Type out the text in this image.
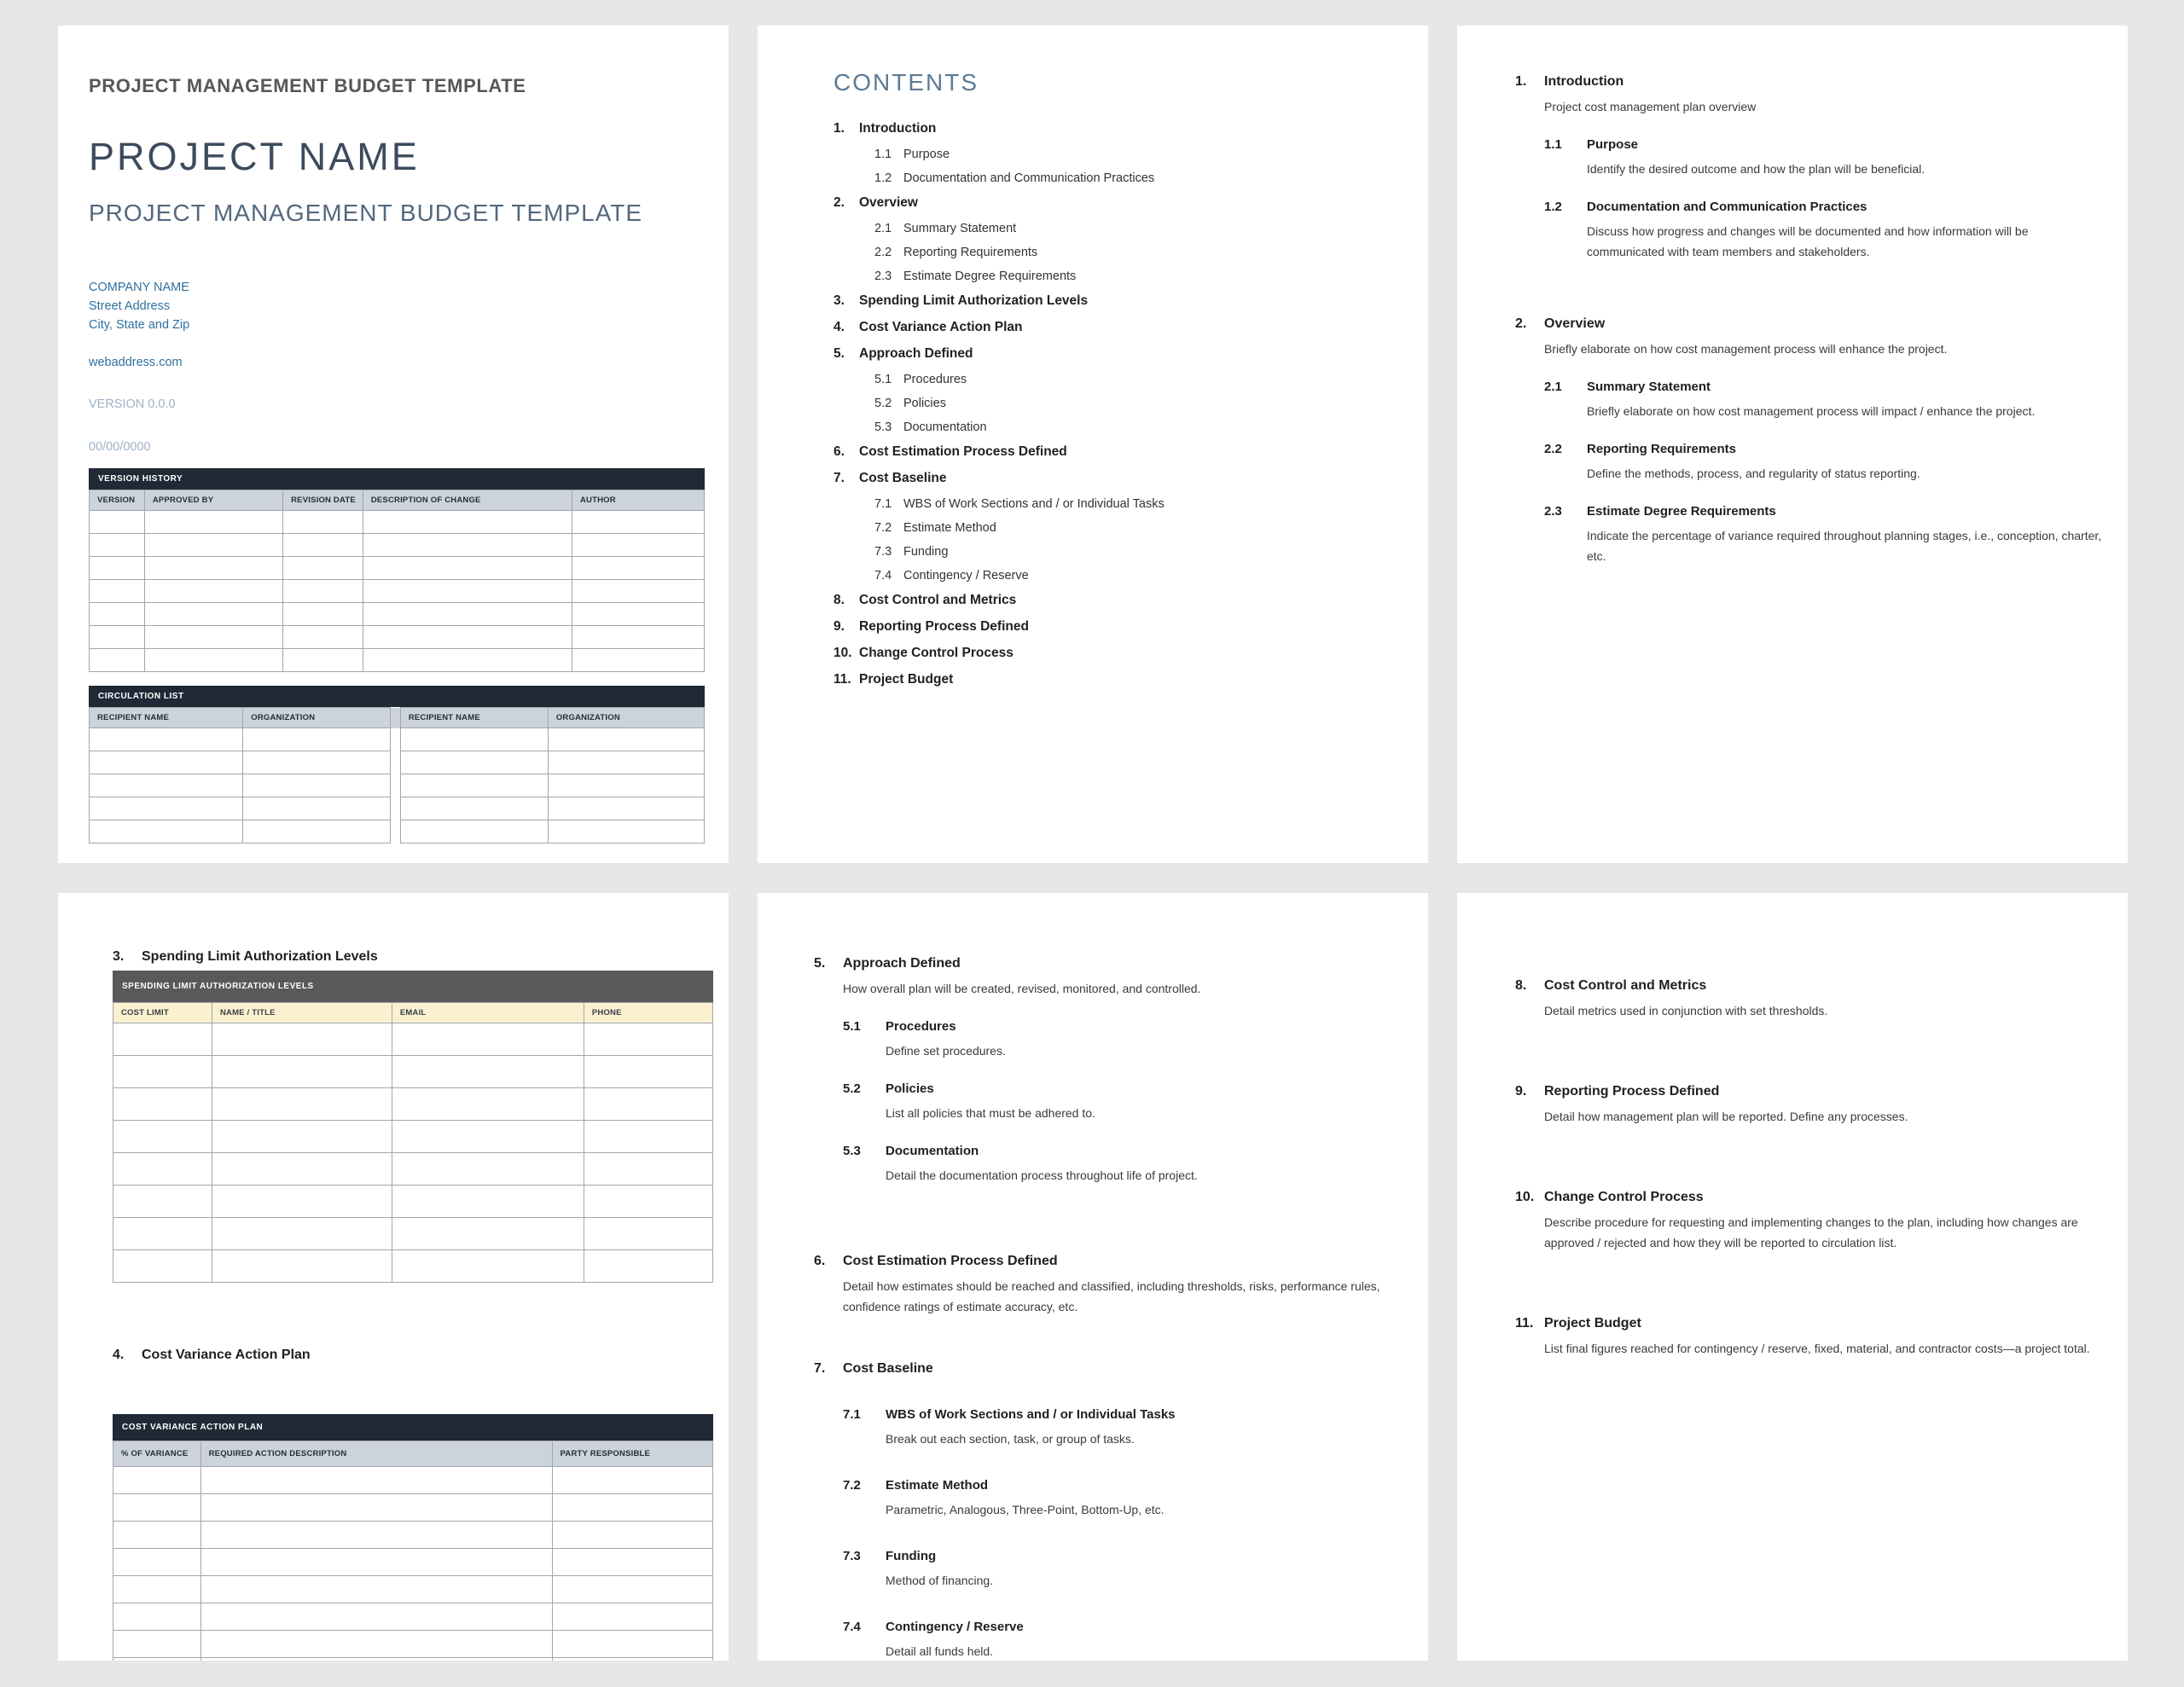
PROJECT MANAGEMENT BUDGET TEMPLATE
PROJECT NAME
PROJECT MANAGEMENT BUDGET TEMPLATE
COMPANY NAME
Street Address
City, State and Zip
webaddress.com
VERSION 0.0.0
00/00/0000
VERSION HISTORY
VERSION	APPROVED BY	REVISION DATE	DESCRIPTION OF CHANGE	AUTHOR

CIRCULATION LIST
RECIPIENT NAME	ORGANIZATION		RECIPIENT NAME	ORGANIZATION

CONTENTS
1.	Introduction
1.1 Purpose
1.2 Documentation and Communication Practices
2.	Overview
2.1 Summary Statement
2.2 Reporting Requirements
2.3 Estimate Degree Requirements
3.	Spending Limit Authorization Levels
4.	Cost Variance Action Plan
5.	Approach Defined
5.1 Procedures
5.2 Policies
5.3 Documentation
6.	Cost Estimation Process Defined
7.	Cost Baseline
7.1 WBS of Work Sections and / or Individual Tasks
7.2 Estimate Method
7.3 Funding
7.4 Contingency / Reserve
8.	Cost Control and Metrics
9.	Reporting Process Defined
10. Change Control Process
11. Project Budget
1.	Introduction
Project cost management plan overview
1.1	Purpose
Identify the desired outcome and how the plan will be beneficial.
1.2	Documentation and Communication Practices
Discuss how progress and changes will be documented and how information will be communicated with team members and stakeholders.
2.	Overview
Briefly elaborate on how cost management process will enhance the project.
2.1	Summary Statement
Briefly elaborate on how cost management process will impact / enhance the project.
2.2	Reporting Requirements
Define the methods, process, and regularity of status reporting.
2.3	Estimate Degree Requirements
Indicate the percentage of variance required throughout planning stages, i.e., conception, charter, etc.
3.	Spending Limit Authorization Levels
SPENDING LIMIT AUTHORIZATION LEVELS
COST LIMIT	NAME / TITLE	EMAIL	PHONE

4.	Cost Variance Action Plan
COST VARIANCE ACTION PLAN
% OF VARIANCE	REQUIRED ACTION DESCRIPTION	PARTY RESPONSIBLE

5.	Approach Defined
How overall plan will be created, revised, monitored, and controlled.
5.1	Procedures
Define set procedures.
5.2	Policies
List all policies that must be adhered to.
5.3	Documentation
Detail the documentation process throughout life of project.
6.	Cost Estimation Process Defined
Detail how estimates should be reached and classified, including thresholds, risks, performance rules, confidence ratings of estimate accuracy, etc.
7.	Cost Baseline
7.1	WBS of Work Sections and / or Individual Tasks
Break out each section, task, or group of tasks.
7.2	Estimate Method
Parametric, Analogous, Three-Point, Bottom-Up, etc.
7.3	Funding
Method of financing.
7.4	Contingency / Reserve
Detail all funds held.
8.	Cost Control and Metrics
Detail metrics used in conjunction with set thresholds.
9.	Reporting Process Defined
Detail how management plan will be reported. Define any processes.
10. Change Control Process
Describe procedure for requesting and implementing changes to the plan, including how changes are approved / rejected and how they will be reported to circulation list.
11. Project Budget
List final figures reached for contingency / reserve, fixed, material, and contractor costs—a project total.
